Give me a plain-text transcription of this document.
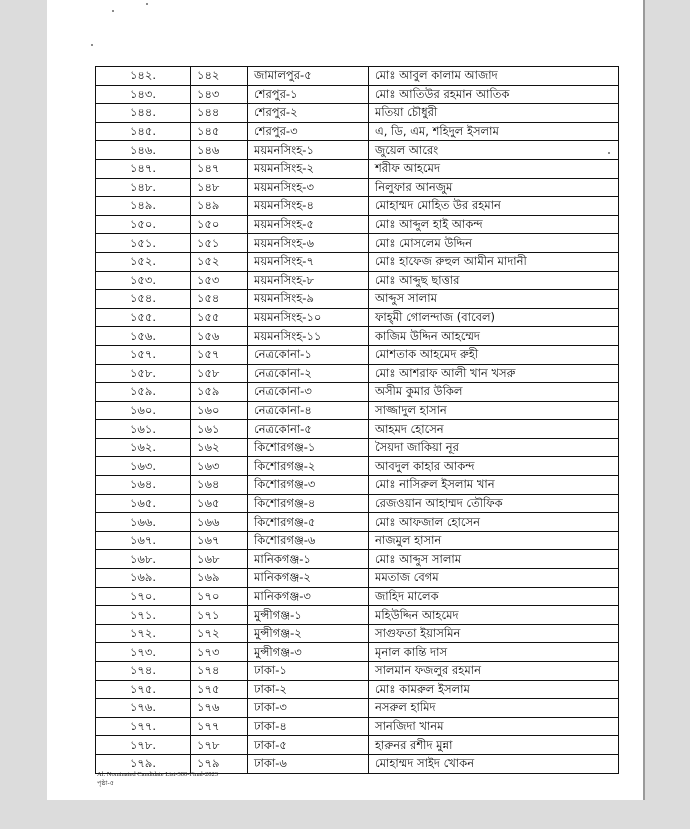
১৪২.	১৪২	জামালপুর-৫	মোঃ আবুল কালাম আজাদ
১৪৩.	১৪৩	শেরপুর-১	মোঃ আতিউর রহমান আতিক
১৪৪.	১৪৪	শেরপুর-২	মতিয়া চৌধুরী
১৪৫.	১৪৫	শেরপুর-৩	এ, ডি, এম, শহিদুল ইসলাম
১৪৬.	১৪৬	ময়মনসিংহ-১	জুয়েল আরেং
১৪৭.	১৪৭	ময়মনসিংহ-২	শরীফ আহমেদ
১৪৮.	১৪৮	ময়মনসিংহ-৩	নিলুফার আনজুম
১৪৯.	১৪৯	ময়মনসিংহ-৪	মোহাম্মদ মোহিত উর রহমান
১৫০.	১৫০	ময়মনসিংহ-৫	মোঃ আব্দুল হাই আকন্দ
১৫১.	১৫১	ময়মনসিংহ-৬	মোঃ মোসলেম উদ্দিন
১৫২.	১৫২	ময়মনসিংহ-৭	মোঃ হাফেজ রুহুল আমীন মাদানী
১৫৩.	১৫৩	ময়মনসিংহ-৮	মোঃ আব্দুছ ছাত্তার
১৫৪.	১৫৪	ময়মনসিংহ-৯	আব্দুস সালাম
১৫৫.	১৫৫	ময়মনসিংহ-১০	ফাহ্‌মী গোলন্দাজ (বাবেল)
১৫৬.	১৫৬	ময়মনসিংহ-১১	কাজিম উদ্দিন আহম্মেদ
১৫৭.	১৫৭	নেত্রকোনা-১	মোশতাক আহমেদ রুহী
১৫৮.	১৫৮	নেত্রকোনা-২	মোঃ আশরাফ আলী খান খসরু
১৫৯.	১৫৯	নেত্রকোনা-৩	অসীম কুমার উকিল
১৬০.	১৬০	নেত্রকোনা-৪	সাজ্জাদুল হাসান
১৬১.	১৬১	নেত্রকোনা-৫	আহমদ হোসেন
১৬২.	১৬২	কিশোরগঞ্জ-১	সৈয়দা জাকিয়া নূর
১৬৩.	১৬৩	কিশোরগঞ্জ-২	আবদুল কাহার আকন্দ
১৬৪.	১৬৪	কিশোরগঞ্জ-৩	মোঃ নাসিরুল ইসলাম খান
১৬৫.	১৬৫	কিশোরগঞ্জ-৪	রেজওয়ান আহাম্মদ তৌফিক
১৬৬.	১৬৬	কিশোরগঞ্জ-৫	মোঃ আফজাল হোসেন
১৬৭.	১৬৭	কিশোরগঞ্জ-৬	নাজমুল হাসান
১৬৮.	১৬৮	মানিকগঞ্জ-১	মোঃ আব্দুস সালাম
১৬৯.	১৬৯	মানিকগঞ্জ-২	মমতাজ বেগম
১৭০.	১৭০	মানিকগঞ্জ-৩	জাহিদ মালেক
১৭১.	১৭১	মুন্সীগঞ্জ-১	মহিউদ্দিন আহমেদ
১৭২.	১৭২	মুন্সীগঞ্জ-২	সাগুফতা ইয়াসমিন
১৭৩.	১৭৩	মুন্সীগঞ্জ-৩	মৃনাল কান্তি দাস
১৭৪.	১৭৪	ঢাকা-১	সালমান ফজলুর রহমান
১৭৫.	১৭৫	ঢাকা-২	মোঃ কামরুল ইসলাম
১৭৬.	১৭৬	ঢাকা-৩	নসরুল হামিদ
১৭৭.	১৭৭	ঢাকা-৪	সানজিদা খানম
১৭৮.	১৭৮	ঢাকা-৫	হারুনর রশীদ মুন্না
১৭৯.	১৭৯	ঢাকা-৬	মোহাম্মদ সাইদ খোকন
Al. Nominated Candidate List-300-Final-2023
পৃষ্ঠা-৫
